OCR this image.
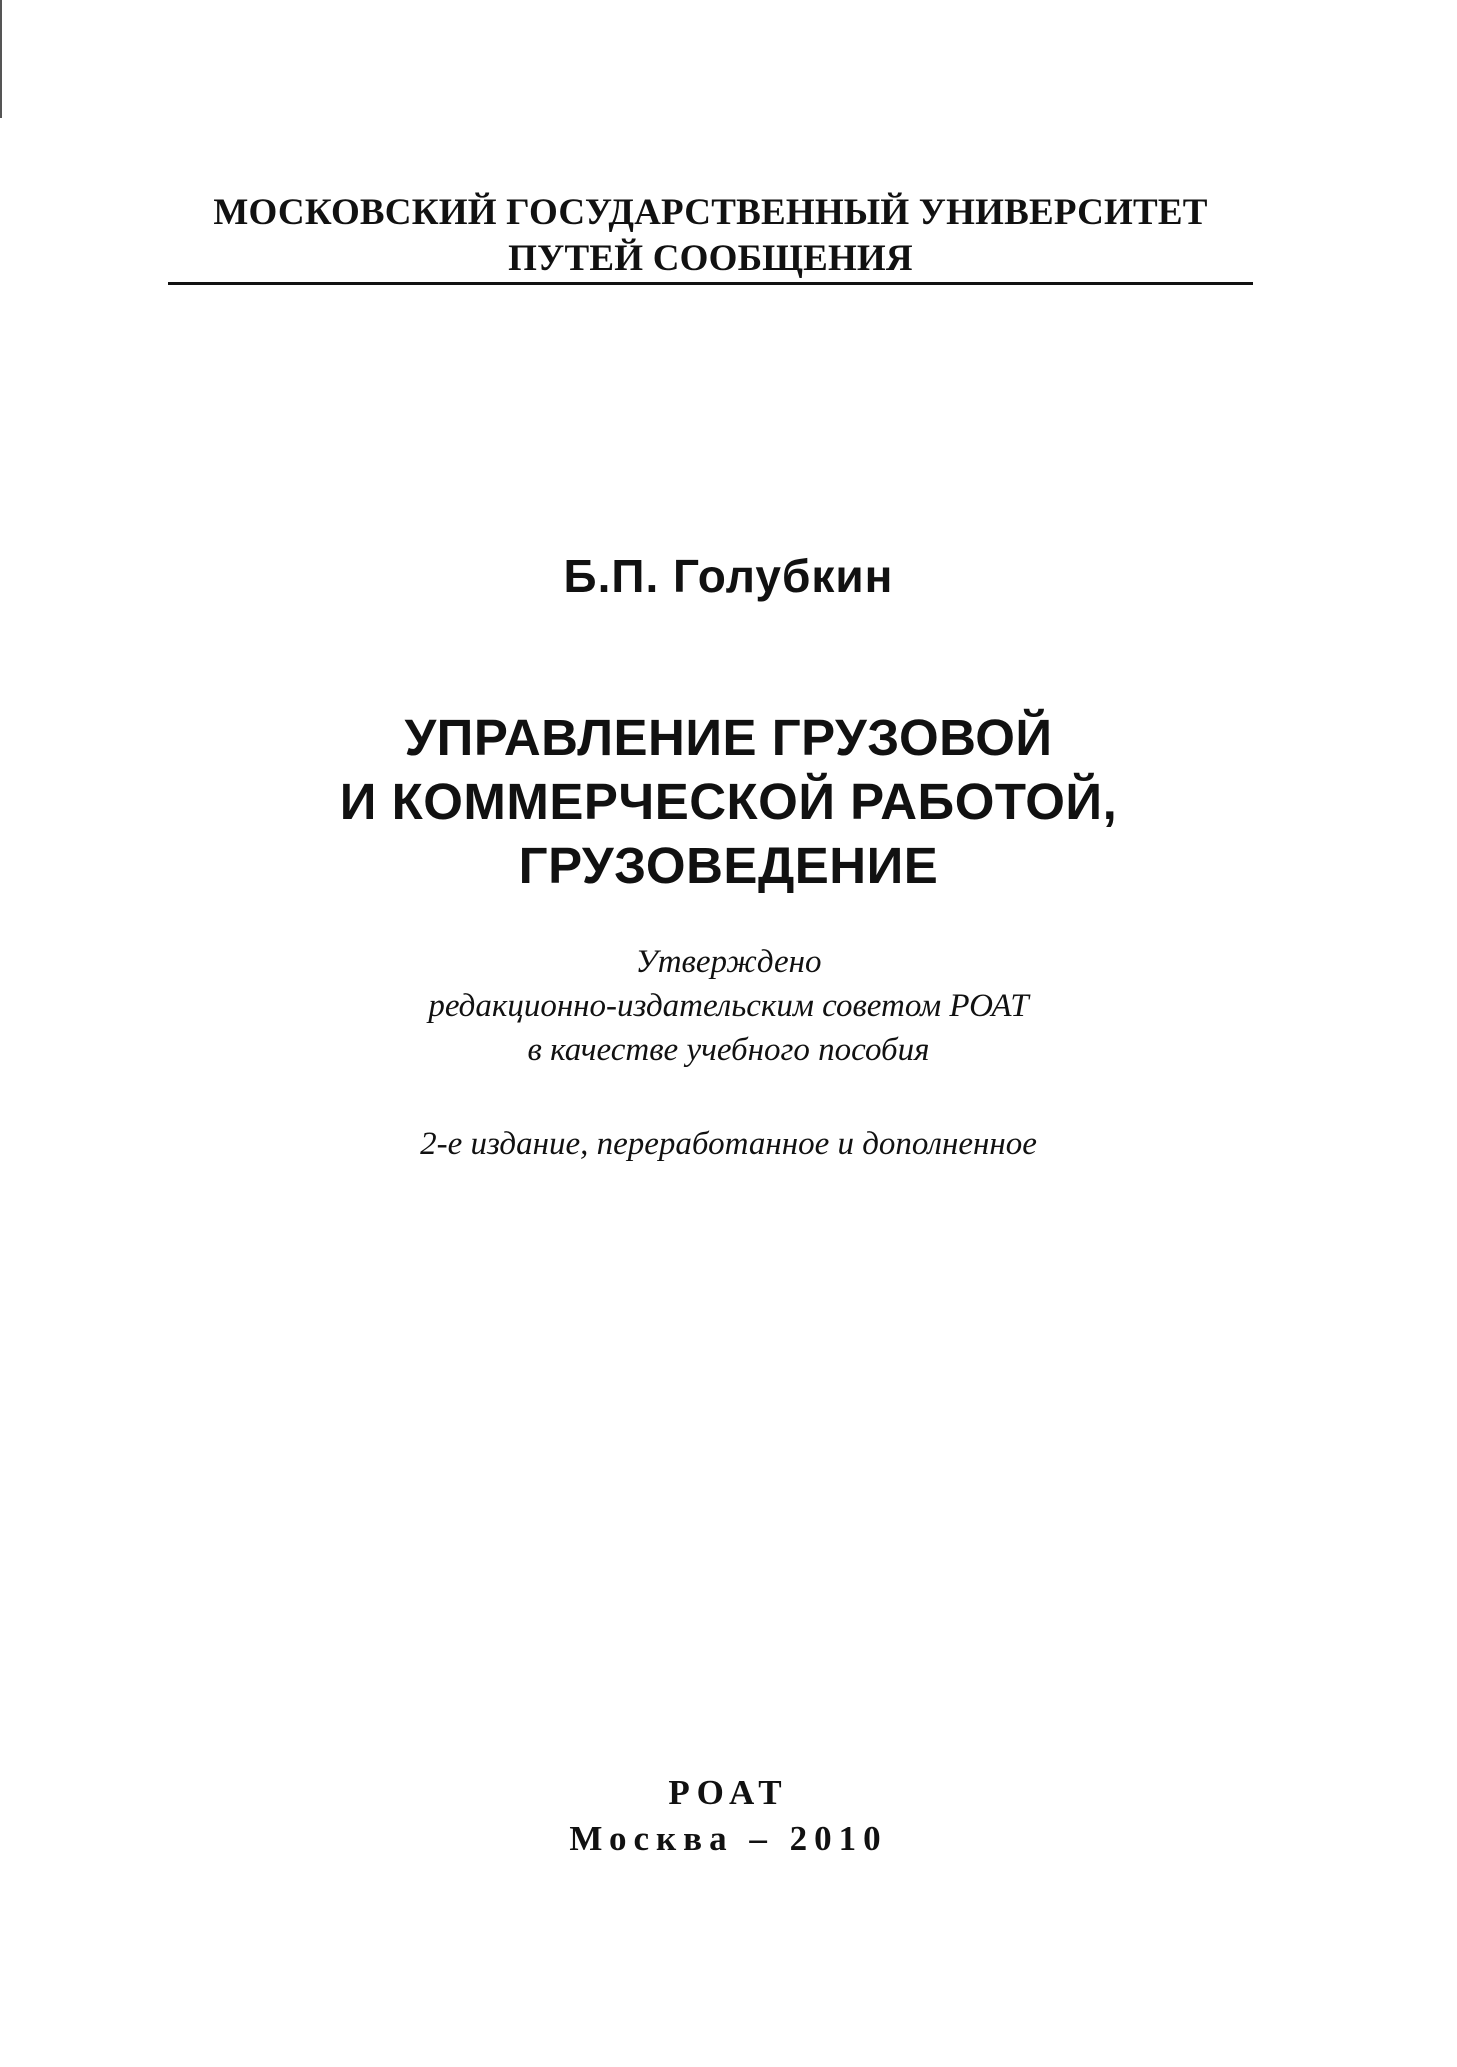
МОСКОВСКИЙ ГОСУДАРСТВЕННЫЙ УНИВЕРСИТЕТ
ПУТЕЙ СООБЩЕНИЯ
Б.П. Голубкин
УПРАВЛЕНИЕ ГРУЗОВОЙ
И КОММЕРЧЕСКОЙ РАБОТОЙ,
ГРУЗОВЕДЕНИЕ
Утверждено
редакционно-издательским советом РОАТ
в качестве учебного пособия
2-е издание, переработанное и дополненное
РОАТ
Москва – 2010
